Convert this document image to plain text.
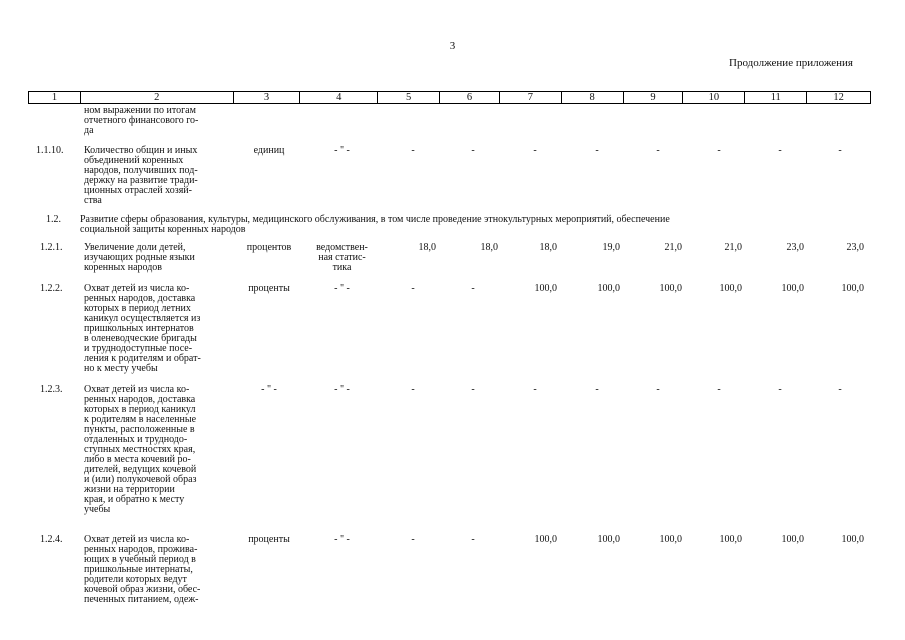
3
Продолжение приложения
1	2	3	4	5	6	7	8	9	10	11	12
ном выражении по итогам
отчетного финансового го-
да
1.1.10. Количество общин и иных
объединений коренных
народов, получивших под-
держку на развитие тради-
ционных отраслей хозяй-
ства
единиц	- " -	-	-	-	-	-	-	-	-
1.2. Развитие сферы образования, культуры, медицинского обслуживания, в том числе проведение этнокультурных мероприятий, обеспечение
социальной защиты коренных народов
1.2.1. Увеличение доли детей,
изучающих родные языки
коренных народов
процентов	ведомствен-
ная статис-
тика
18,0	18,0	18,0	19,0	21,0	21,0	23,0	23,0
1.2.2. Охват детей из числа ко-
ренных народов, доставка
которых в период летних
каникул осуществляется из
пришкольных интернатов
в оленеводческие бригады
и труднодоступные посе-
ления к родителям и обрат-
но к месту учебы
проценты	- " -	-	-	100,0	100,0	100,0	100,0	100,0	100,0
1.2.3. Охват детей из числа ко-
ренных народов, доставка
которых в период каникул
к родителям в населенные
пункты, расположенные в
отдаленных и труднодо-
ступных местностях края,
либо в места кочевий ро-
дителей, ведущих кочевой
и (или) полукочевой образ
жизни на территории
края, и обратно к месту
учебы
- " -	- " -	-	-	-	-	-	-	-	-
1.2.4. Охват детей из числа ко-
ренных народов, прожива-
ющих в учебный период в
пришкольные интернаты,
родители которых ведут
кочевой образ жизни, обес-
печенных питанием, одеж-
проценты	- " -	-	-	100,0	100,0	100,0	100,0	100,0	100,0
